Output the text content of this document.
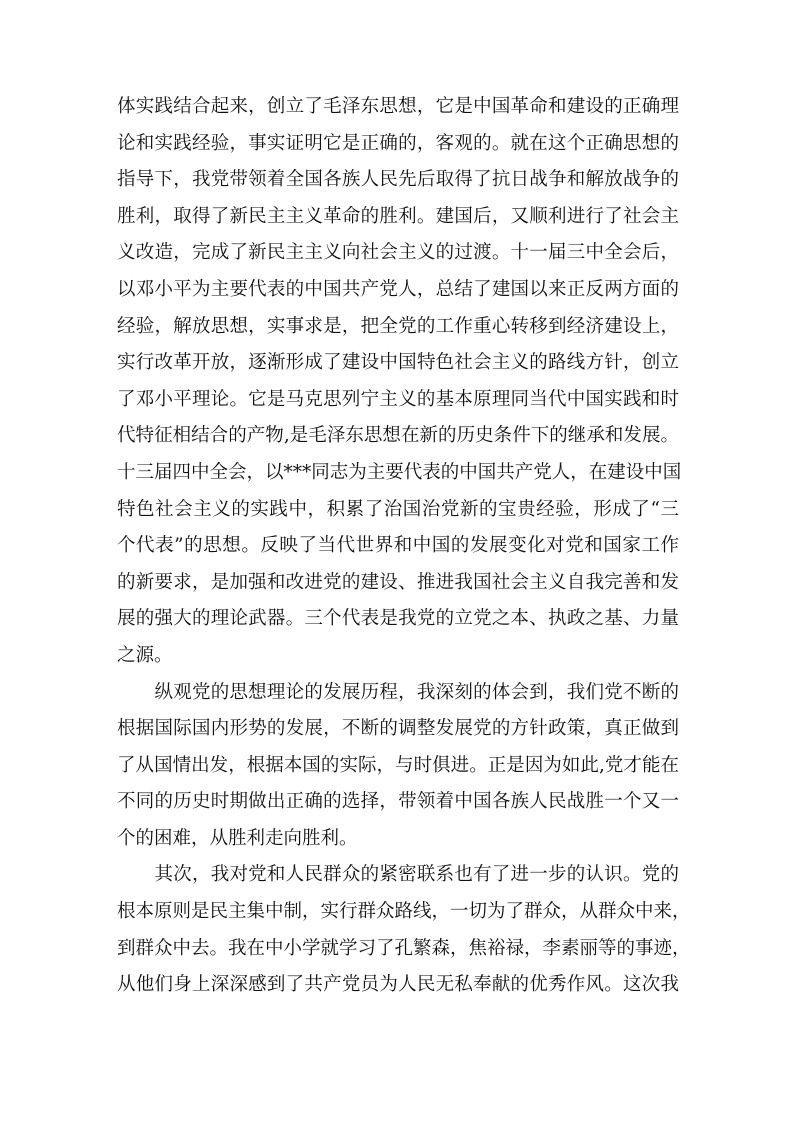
体实践结合起来，创立了毛泽东思想，它是中国革命和建设的正确理
论和实践经验，事实证明它是正确的，客观的。就在这个正确思想的
指导下，我党带领着全国各族人民先后取得了抗日战争和解放战争的
胜利，取得了新民主主义革命的胜利。建国后，又顺利进行了社会主
义改造，完成了新民主主义向社会主义的过渡。十一届三中全会后，
以邓小平为主要代表的中国共产党人，总结了建国以来正反两方面的
经验，解放思想，实事求是，把全党的工作重心转移到经济建设上，
实行改革开放，逐渐形成了建设中国特色社会主义的路线方针，创立
了邓小平理论。它是马克思列宁主义的基本原理同当代中国实践和时
代特征相结合的产物,是毛泽东思想在新的历史条件下的继承和发展。
十三届四中全会，以***同志为主要代表的中国共产党人，在建设中国
特色社会主义的实践中，积累了治国治党新的宝贵经验，形成了“三
个代表”的思想。反映了当代世界和中国的发展变化对党和国家工作
的新要求，是加强和改进党的建设、推进我国社会主义自我完善和发
展的强大的理论武器。三个代表是我党的立党之本、执政之基、力量
之源。
　　纵观党的思想理论的发展历程，我深刻的体会到，我们党不断的
根据国际国内形势的发展，不断的调整发展党的方针政策，真正做到
了从国情出发，根据本国的实际，与时俱进。正是因为如此,党才能在
不同的历史时期做出正确的选择，带领着中国各族人民战胜一个又一
个的困难，从胜利走向胜利。
　　其次，我对党和人民群众的紧密联系也有了进一步的认识。党的
根本原则是民主集中制，实行群众路线，一切为了群众，从群众中来，
到群众中去。我在中小学就学习了孔繁森，焦裕禄，李素丽等的事迹，
从他们身上深深感到了共产党员为人民无私奉献的优秀作风。这次我
